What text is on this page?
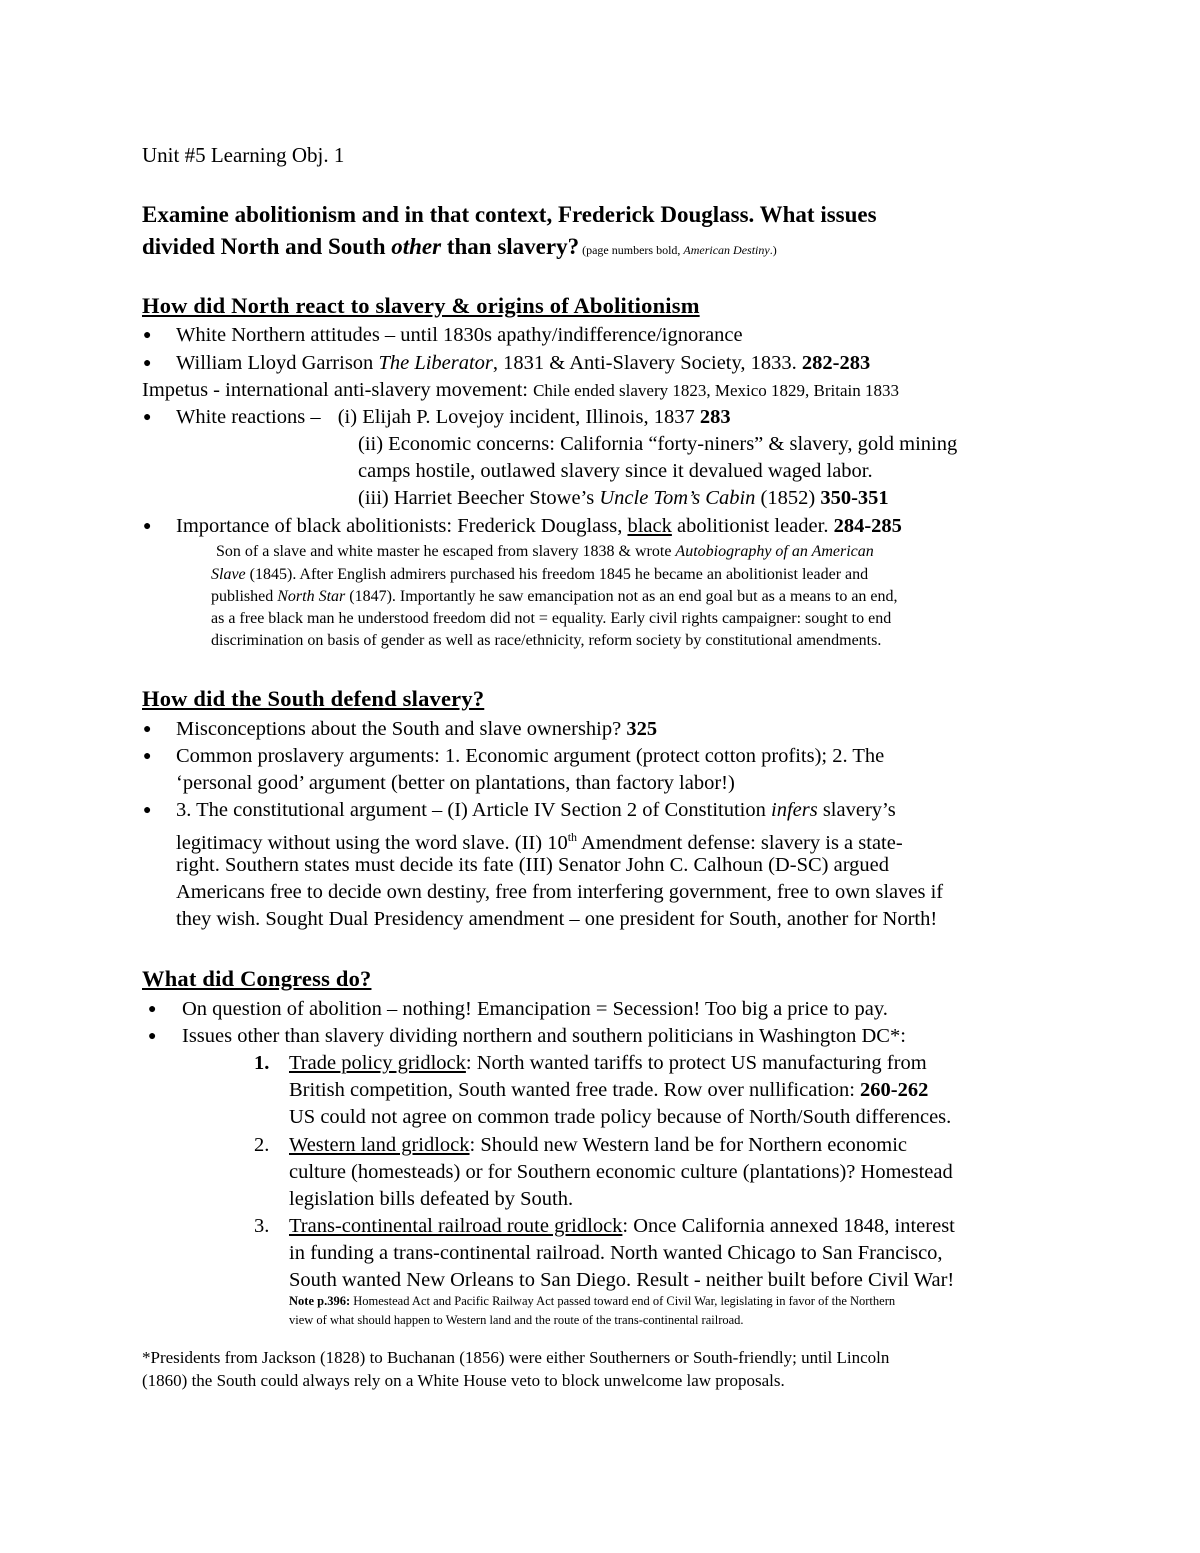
Unit #5 Learning Obj. 1
Examine abolitionism and in that context, Frederick Douglass. What issues
divided North and South other than slavery? (page numbers bold, American Destiny.)
How did North react to slavery & origins of Abolitionism
● White Northern attitudes – until 1830s apathy/indifference/ignorance
● William Lloyd Garrison The Liberator, 1831 & Anti-Slavery Society, 1833. 282-283
Impetus - international anti-slavery movement: Chile ended slavery 1823, Mexico 1829, Britain 1833
● White reactions – (i) Elijah P. Lovejoy incident, Illinois, 1837 283
(ii) Economic concerns: California “forty-niners” & slavery, gold mining
camps hostile, outlawed slavery since it devalued waged labor.
(iii) Harriet Beecher Stowe’s Uncle Tom’s Cabin (1852) 350-351
● Importance of black abolitionists: Frederick Douglass, black abolitionist leader. 284-285
Son of a slave and white master he escaped from slavery 1838 & wrote Autobiography of an American
Slave (1845). After English admirers purchased his freedom 1845 he became an abolitionist leader and
published North Star (1847). Importantly he saw emancipation not as an end goal but as a means to an end,
as a free black man he understood freedom did not = equality. Early civil rights campaigner: sought to end
discrimination on basis of gender as well as race/ethnicity, reform society by constitutional amendments.
How did the South defend slavery?
● Misconceptions about the South and slave ownership? 325
● Common proslavery arguments: 1. Economic argument (protect cotton profits); 2. The
‘personal good’ argument (better on plantations, than factory labor!)
● 3. The constitutional argument – (I) Article IV Section 2 of Constitution infers slavery’s
legitimacy without using the word slave. (II) 10th Amendment defense: slavery is a state-
right. Southern states must decide its fate (III) Senator John C. Calhoun (D-SC) argued
Americans free to decide own destiny, free from interfering government, free to own slaves if
they wish. Sought Dual Presidency amendment – one president for South, another for North!
What did Congress do?
● On question of abolition – nothing! Emancipation = Secession! Too big a price to pay.
● Issues other than slavery dividing northern and southern politicians in Washington DC*:
1. Trade policy gridlock: North wanted tariffs to protect US manufacturing from
British competition, South wanted free trade. Row over nullification: 260-262
US could not agree on common trade policy because of North/South differences.
2. Western land gridlock: Should new Western land be for Northern economic
culture (homesteads) or for Southern economic culture (plantations)? Homestead
legislation bills defeated by South.
3. Trans-continental railroad route gridlock: Once California annexed 1848, interest
in funding a trans-continental railroad. North wanted Chicago to San Francisco,
South wanted New Orleans to San Diego. Result - neither built before Civil War!
Note p.396: Homestead Act and Pacific Railway Act passed toward end of Civil War, legislating in favor of the Northern
view of what should happen to Western land and the route of the trans-continental railroad.
*Presidents from Jackson (1828) to Buchanan (1856) were either Southerners or South-friendly; until Lincoln
(1860) the South could always rely on a White House veto to block unwelcome law proposals.
